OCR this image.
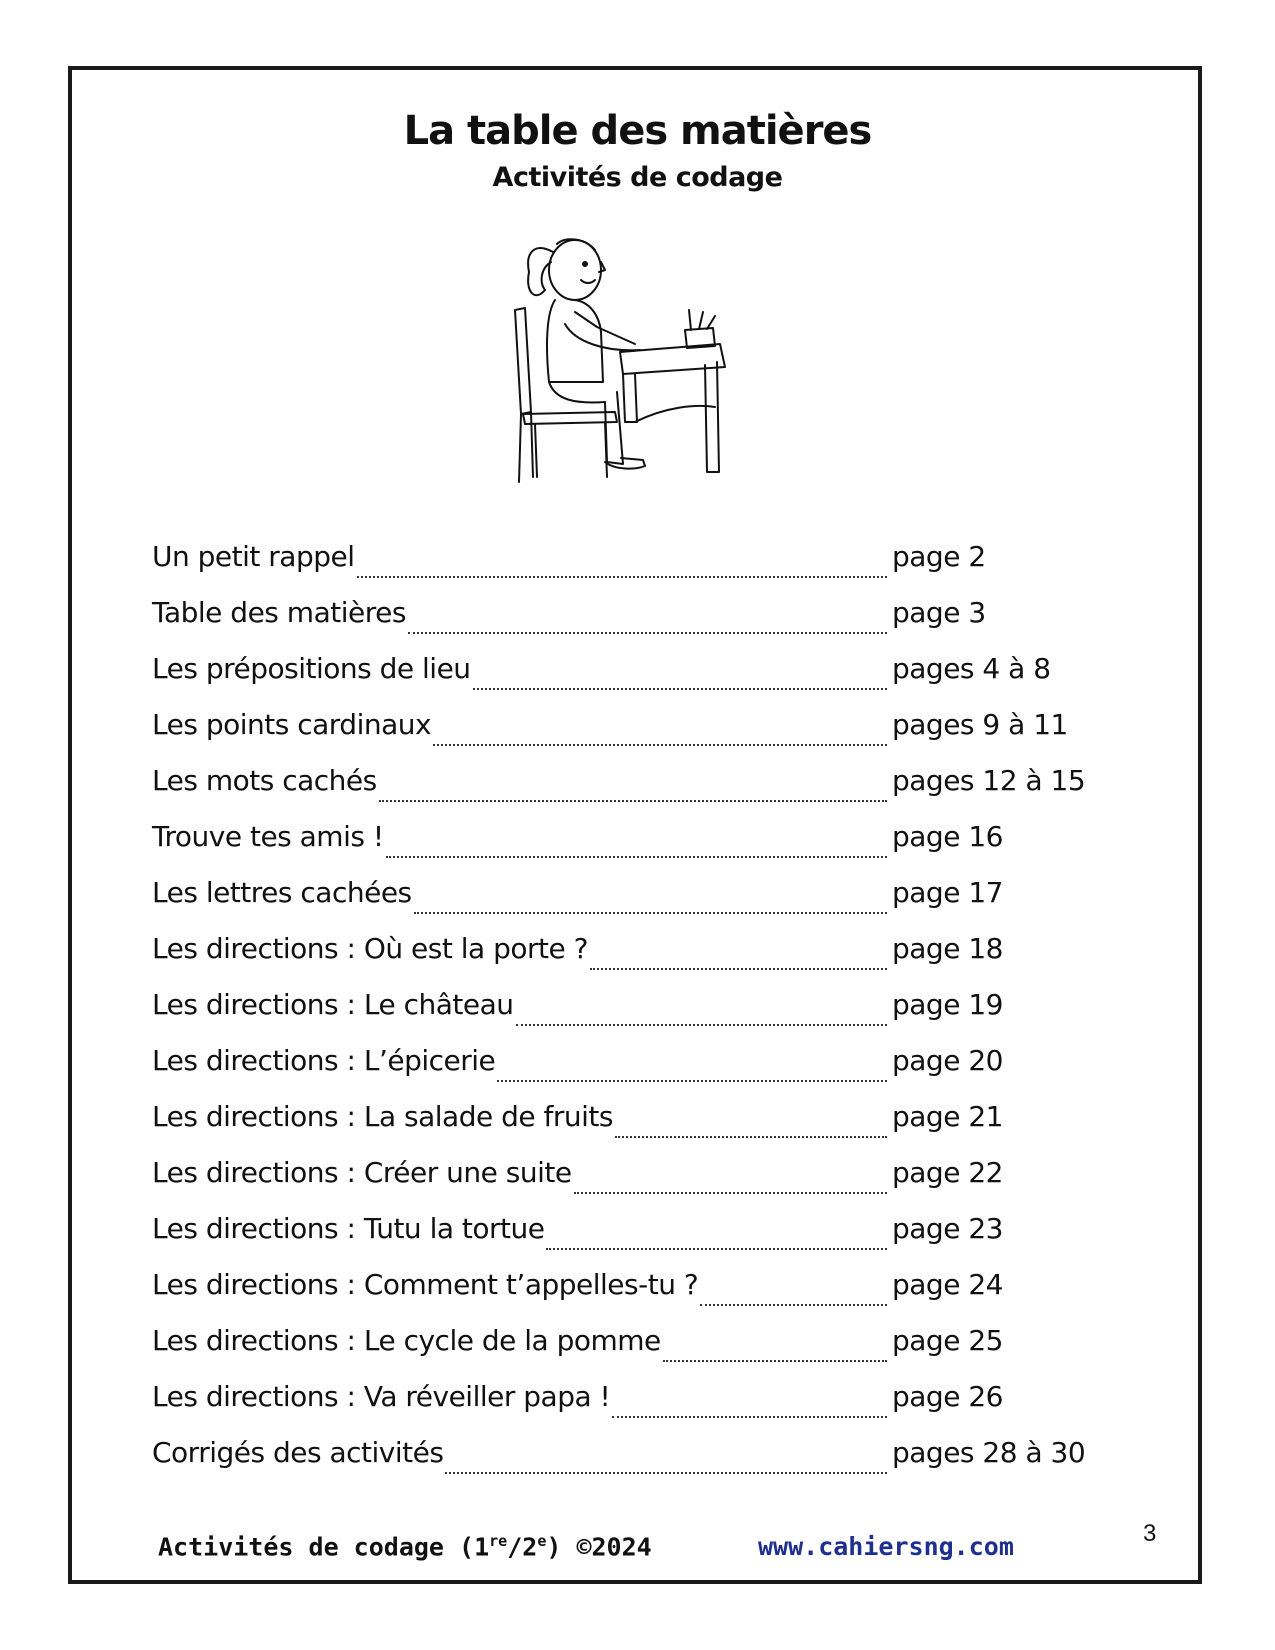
La table des matières
Activités de codage
Un petit rappel	page 2
Table des matières	page 3
Les prépositions de lieu	pages 4 à 8
Les points cardinaux	pages 9 à 11
Les mots cachés	pages 12 à 15
Trouve tes amis !	page 16
Les lettres cachées	page 17
Les directions : Où est la porte ?	page 18
Les directions : Le château	page 19
Les directions : L’épicerie	page 20
Les directions : La salade de fruits	page 21
Les directions : Créer une suite	page 22
Les directions : Tutu la tortue	page 23
Les directions : Comment t’appelles-tu ?	page 24
Les directions : Le cycle de la pomme	page 25
Les directions : Va réveiller papa !	page 26
Corrigés des activités	pages 28 à 30
Activités de codage (1re/2e) ©2024	www.cahiersng.com	3
